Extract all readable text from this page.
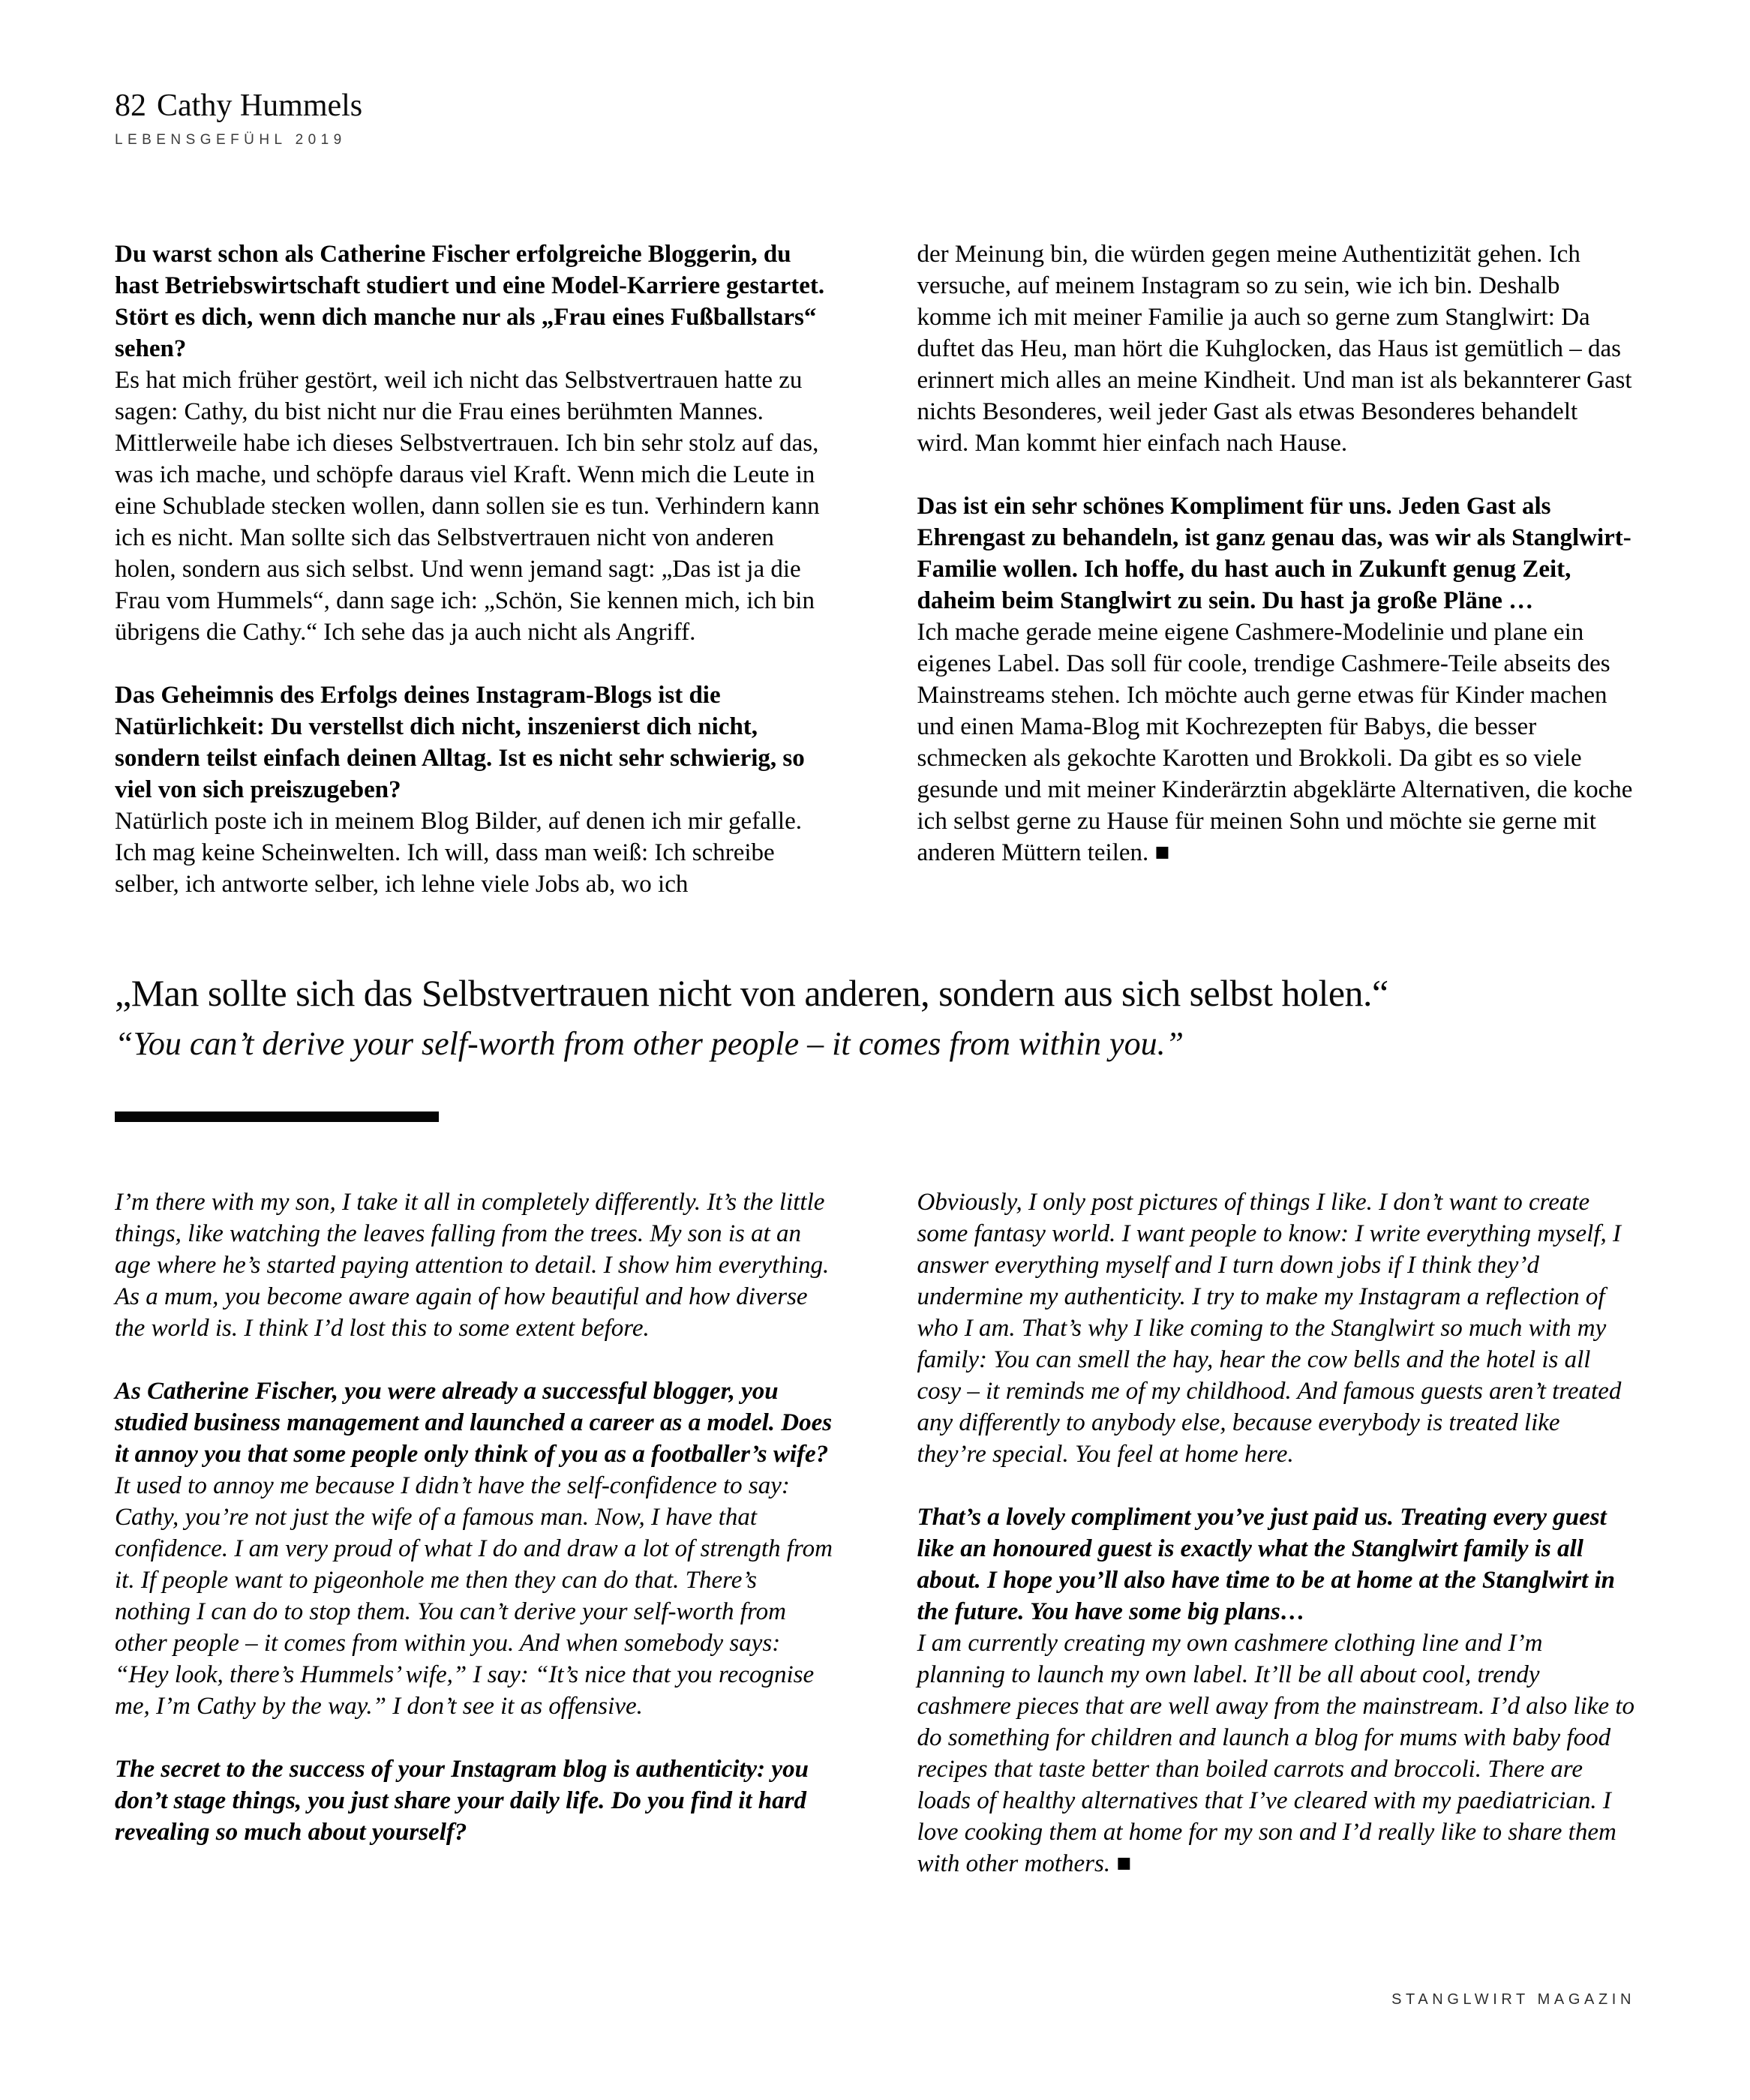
82 Cathy Hummels
LEBENSGEFÜHL 2019

Du warst schon als Catherine Fischer erfolgreiche Bloggerin, du hast Betriebswirtschaft studiert und eine Model-Karriere gestartet. Stört es dich, wenn dich manche nur als „Frau eines Fußballstars“ sehen?

Es hat mich früher gestört, weil ich nicht das Selbstvertrauen hatte zu sagen: Cathy, du bist nicht nur die Frau eines berühmten Mannes. Mittlerweile habe ich dieses Selbstvertrauen. Ich bin sehr stolz auf das, was ich mache, und schöpfe daraus viel Kraft. Wenn mich die Leute in eine Schublade stecken wollen, dann sollen sie es tun. Verhindern kann ich es nicht. Man sollte sich das Selbstvertrauen nicht von anderen holen, sondern aus sich selbst. Und wenn jemand sagt: „Das ist ja die Frau vom Hummels“, dann sage ich: „Schön, Sie kennen mich, ich bin übrigens die Cathy.“ Ich sehe das ja auch nicht als Angriff.

Das Geheimnis des Erfolgs deines Instagram-Blogs ist die Natürlichkeit: Du verstellst dich nicht, inszenierst dich nicht, sondern teilst einfach deinen Alltag. Ist es nicht sehr schwierig, so viel von sich preiszugeben?

Natürlich poste ich in meinem Blog Bilder, auf denen ich mir gefalle. Ich mag keine Scheinwelten. Ich will, dass man weiß: Ich schreibe selber, ich antworte selber, ich lehne viele Jobs ab, wo ich

der Meinung bin, die würden gegen meine Authentizität gehen. Ich versuche, auf meinem Instagram so zu sein, wie ich bin. Deshalb komme ich mit meiner Familie ja auch so gerne zum Stanglwirt: Da duftet das Heu, man hört die Kuhglocken, das Haus ist gemütlich – das erinnert mich alles an meine Kindheit. Und man ist als bekannterer Gast nichts Besonderes, weil jeder Gast als etwas Besonderes behandelt wird. Man kommt hier einfach nach Hause.

Das ist ein sehr schönes Kompliment für uns. Jeden Gast als Ehrengast zu behandeln, ist ganz genau das, was wir als Stanglwirt-Familie wollen. Ich hoffe, du hast auch in Zukunft genug Zeit, daheim beim Stanglwirt zu sein. Du hast ja große Pläne …

Ich mache gerade meine eigene Cashmere-Modelinie und plane ein eigenes Label. Das soll für coole, trendige Cashmere-Teile abseits des Mainstreams stehen. Ich möchte auch gerne etwas für Kinder machen und einen Mama-Blog mit Kochrezepten für Babys, die besser schmecken als gekochte Karotten und Brokkoli. Da gibt es so viele gesunde und mit meiner Kinderärztin abgeklärte Alternativen, die koche ich selbst gerne zu Hause für meinen Sohn und möchte sie gerne mit anderen Müttern teilen. ■

„Man sollte sich das Selbstvertrauen nicht von anderen, sondern aus sich selbst holen.“

“You can’t derive your self-worth from other people – it comes from within you.”

I’m there with my son, I take it all in completely differently. It’s the little things, like watching the leaves falling from the trees. My son is at an age where he’s started paying attention to detail. I show him everything. As a mum, you become aware again of how beautiful and how diverse the world is. I think I’d lost this to some extent before.

As Catherine Fischer, you were already a successful blogger, you studied business management and launched a career as a model. Does it annoy you that some people only think of you as a footballer’s wife?

It used to annoy me because I didn’t have the self-confidence to say: Cathy, you’re not just the wife of a famous man. Now, I have that confidence. I am very proud of what I do and draw a lot of strength from it. If people want to pigeonhole me then they can do that. There’s nothing I can do to stop them. You can’t derive your self-worth from other people – it comes from within you. And when somebody says: “Hey look, there’s Hummels’ wife,” I say: “It’s nice that you recognise me, I’m Cathy by the way.” I don’t see it as offensive.

The secret to the success of your Instagram blog is authenticity: you don’t stage things, you just share your daily life. Do you find it hard revealing so much about yourself?

Obviously, I only post pictures of things I like. I don’t want to create some fantasy world. I want people to know: I write everything myself, I answer everything myself and I turn down jobs if I think they’d undermine my authenticity. I try to make my Instagram a reflection of who I am. That’s why I like coming to the Stanglwirt so much with my family: You can smell the hay, hear the cow bells and the hotel is all cosy – it reminds me of my childhood. And famous guests aren’t treated any differently to anybody else, because everybody is treated like they’re special. You feel at home here.

That’s a lovely compliment you’ve just paid us. Treating every guest like an honoured guest is exactly what the Stanglwirt family is all about. I hope you’ll also have time to be at home at the Stanglwirt in the future. You have some big plans…

I am currently creating my own cashmere clothing line and I’m planning to launch my own label. It’ll be all about cool, trendy cashmere pieces that are well away from the mainstream. I’d also like to do something for children and launch a blog for mums with baby food recipes that taste better than boiled carrots and broccoli. There are loads of healthy alternatives that I’ve cleared with my paediatrician. I love cooking them at home for my son and I’d really like to share them with other mothers. ■

STANGLWIRT MAGAZIN
